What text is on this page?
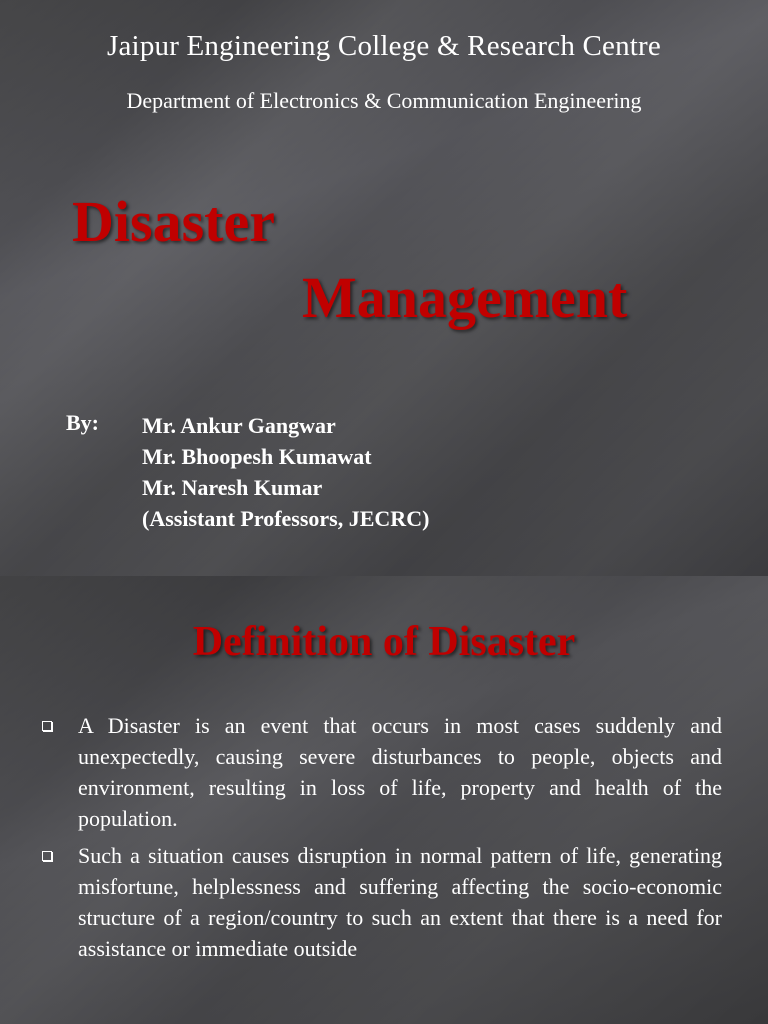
Jaipur Engineering College & Research Centre
Department of Electronics & Communication Engineering
Disaster
Management
By: Mr. Ankur Gangwar
Mr. Bhoopesh Kumawat
Mr. Naresh Kumar
(Assistant Professors, JECRC)
Definition of Disaster
A Disaster is an event that occurs in most cases suddenly and unexpectedly, causing severe disturbances to people, objects and environment, resulting in loss of life, property and health of the population.
Such a situation causes disruption in normal pattern of life, generating misfortune, helplessness and suffering affecting the socio-economic structure of a region/country to such an extent that there is a need for assistance or immediate outside
